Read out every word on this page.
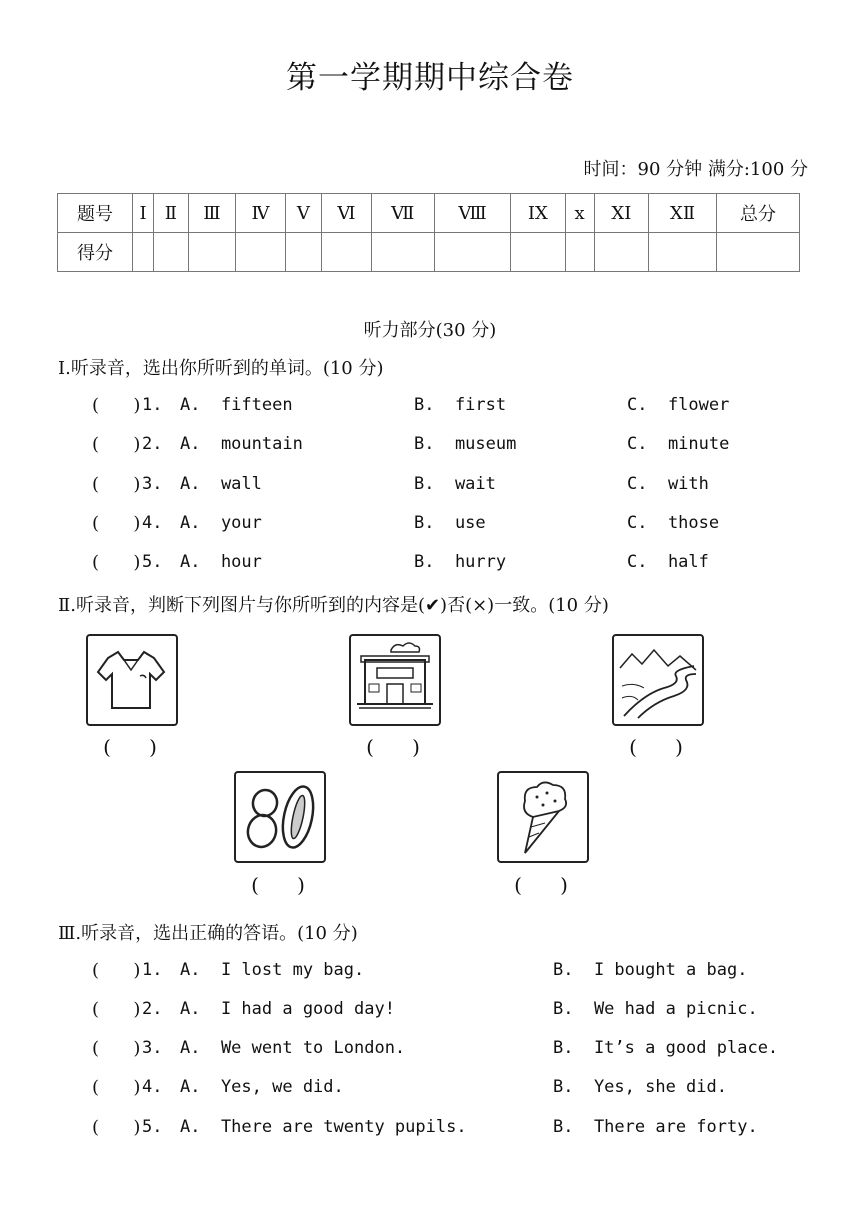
第一学期期中综合卷
时间：90 分钟 满分:100 分
题号	Ⅰ	Ⅱ	Ⅲ	Ⅳ	Ⅴ	Ⅵ	Ⅶ	Ⅷ	ⅠX	x	XⅠ	XⅡ	总分
得分													
听力部分(30 分)
Ⅰ.听录音，选出你所听到的单词。(10 分)
(      ) 1. A.  fifteen	B.  first	C.  flower
(      ) 2. A.  mountain	B.  museum	C.  minute
(      ) 3. A.  wall	B.  wait	C.  with
(      ) 4. A.  your	B.  use	C.  those
(      ) 5. A.  hour	B.  hurry	C.  half
Ⅱ.听录音，判断下列图片与你所听到的内容是(✔)否(×)一致。(10 分)
(      )	(      )	(      )
(      )	(      )
Ⅲ.听录音，选出正确的答语。(10 分)
(      ) 1. A.  I lost my bag.	B.  I bought a bag.
(      ) 2. A.  I had a good day!	B.  We had a picnic.
(      ) 3. A.  We went to London.	B.  It’s a good place.
(      ) 4. A.  Yes, we did.	B.  Yes, she did.
(      ) 5. A.  There are twenty pupils.	B.  There are forty.
